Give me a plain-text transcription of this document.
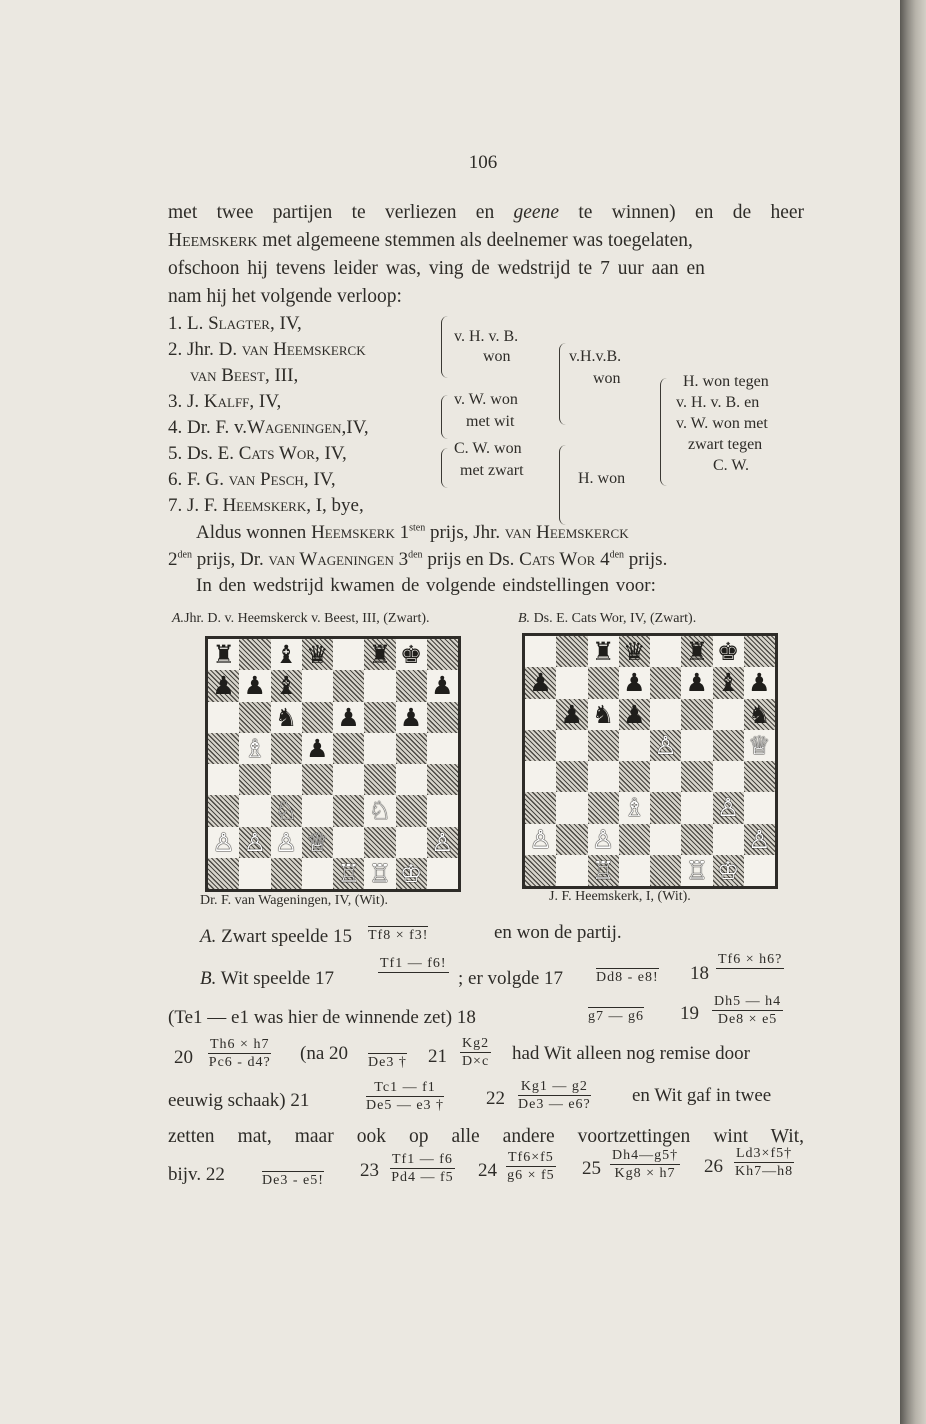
106
met twee partijen te verliezen en geene te winnen) en de heer
Heemskerk met algemeene stemmen als deelnemer was toegelaten,
ofschoon hij tevens leider was, ving de wedstrijd te 7 uur aan en
nam hij het volgende verloop:
1. L. Slagter, IV,
2. Jhr. D. van Heemskerck
van Beest, III,
3. J. Kalff, IV,
4. Dr. F. v.Wageningen,IV,
5. Ds. E. Cats Wor, IV,
6. F. G. van Pesch, IV,
7. J. F. Heemskerk, I, bye,
v. H. v. B.
won
v. W. won
met wit
C. W. won
met zwart
v.H.v.B.
won
H. won
H. won tegen
v. H. v. B. en
v. W. won met
zwart tegen
C. W.
Aldus wonnen Heemskerk $1^{sten}$ prijs, Jhr. van Heemskerck
$2^{den}$ prijs, Dr. van Wageningen $3^{den}$ prijs en Ds. Cats Wor $4^{den}$ prijs.
In den wedstrijd kwamen de volgende eindstellingen voor:
A.Jhr. D. v. Heemskerck v. Beest, III, (Zwart).	B. Ds. E. Cats Wor, IV, (Zwart).
♜ ♝ ♛ ♜ ♚
♟ ♟ ♝	♟
♞ ♟ ♟
♗ ♟
♘	♘
♙ ♙ ♙ ♕	♙
♖ ♖ ♔
♜ ♛ ♜ ♚
♟	♟ ♟ ♝ ♟
♟ ♞ ♟	♞
♙	♕
♗	♙
♙ ♙	♙
♖	♖ ♔
Dr. F. van Wageningen, IV, (Wit).	J. F. Heemskerk, I, (Wit).
A. Zwart speelde 15 Tf8 × f3!	en won de partij.
B. Wit speelde 17
Tf1 — f6!
; er volgde 17 Dd8 - e8! 18
Tf6 × h6?
(Te1 — e1 was hier de winnende zet) 18	g7 — g6 $19 \frac{Dh5 — h4}{De8 \times e5}$
$20 \frac{Th6 \times h7}{Pc6 - d4?} (na$ 20 De3 † $21 \frac{Kg2}{D\times c}$ had Wit alleen nog remise door
eeuwig schaak) 21	$\frac{Tc1 — f1}{De5 — e3 \dagger} 22 \frac{Kg1 — g2}{De3 — e6?}$ en Wit gaf in twee
zetten mat, maar ook op alle andere voortzettingen wint Wit,
bijv. 22	De3 - e5! $23 \frac{Tf1 — f6}{Pd4 — f5} 24 \frac{Tf6\times f5}{g6 \times f5} 25 \frac{Dh4—g5\dagger}{Kg8 \times h7} 26 \frac{Ld3\times f5\dagger}{Kh7—h8}$
